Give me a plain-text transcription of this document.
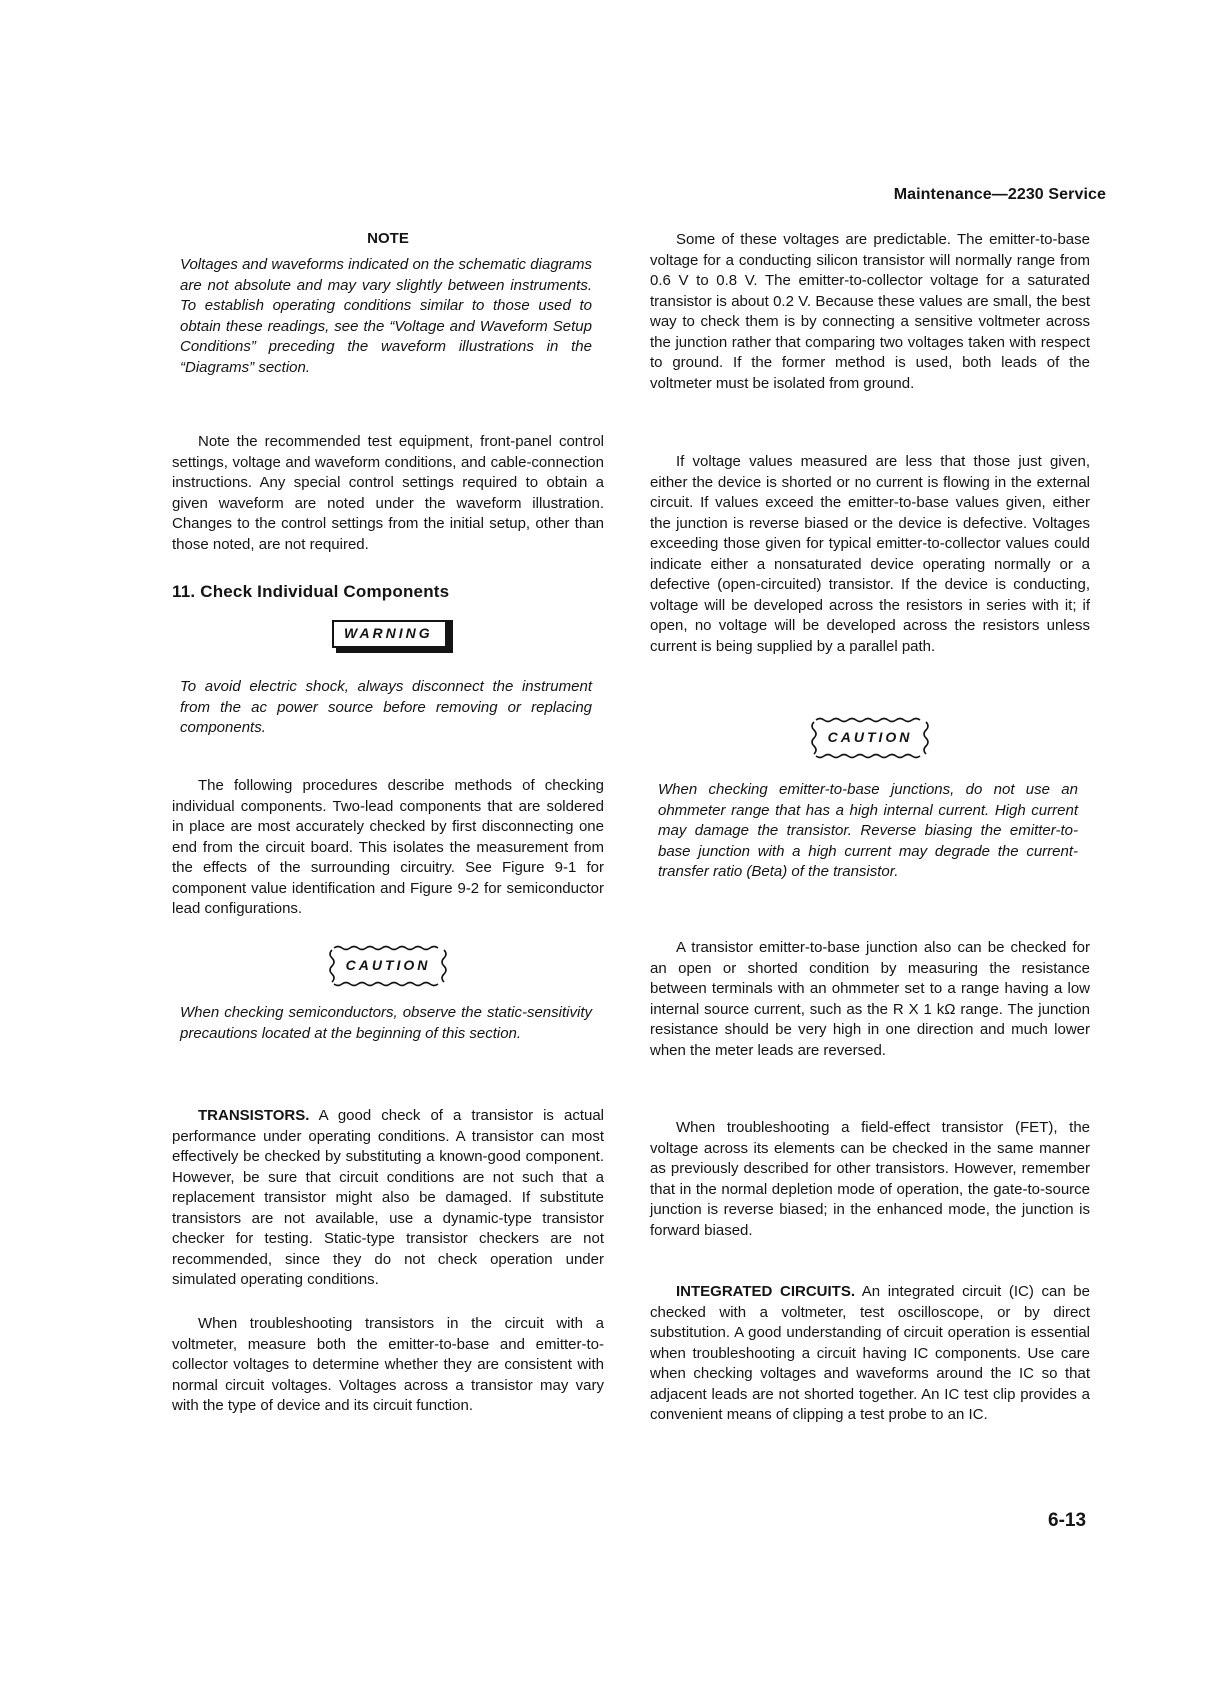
Maintenance—2230 Service
NOTE

Voltages and waveforms indicated on the schematic diagrams are not absolute and may vary slightly between instruments. To establish operating conditions similar to those used to obtain these readings, see the “Voltage and Waveform Setup Conditions” preceding the waveform illustrations in the “Diagrams” section.

Note the recommended test equipment, front-panel control settings, voltage and waveform conditions, and cable-connection instructions. Any special control settings required to obtain a given waveform are noted under the waveform illustration. Changes to the control settings from the initial setup, other than those noted, are not required.

11. Check Individual Components
WARNING

To avoid electric shock, always disconnect the instrument from the ac power source before removing or replacing components.

The following procedures describe methods of checking individual components. Two-lead components that are soldered in place are most accurately checked by first disconnecting one end from the circuit board. This isolates the measurement from the effects of the surrounding circuitry. See Figure 9-1 for component value identification and Figure 9-2 for semiconductor lead configurations.

CAUTION

When checking semiconductors, observe the static-sensitivity precautions located at the beginning of this section.

TRANSISTORS. A good check of a transistor is actual performance under operating conditions. A transistor can most effectively be checked by substituting a known-good component. However, be sure that circuit conditions are not such that a replacement transistor might also be damaged. If substitute transistors are not available, use a dynamic-type transistor checker for testing. Static-type transistor checkers are not recommended, since they do not check operation under simulated operating conditions.

When troubleshooting transistors in the circuit with a voltmeter, measure both the emitter-to-base and emitter-to-collector voltages to determine whether they are consistent with normal circuit voltages. Voltages across a transistor may vary with the type of device and its circuit function.

Some of these voltages are predictable. The emitter-to-base voltage for a conducting silicon transistor will normally range from 0.6 V to 0.8 V. The emitter-to-collector voltage for a saturated transistor is about 0.2 V. Because these values are small, the best way to check them is by connecting a sensitive voltmeter across the junction rather that comparing two voltages taken with respect to ground. If the former method is used, both leads of the voltmeter must be isolated from ground.

If voltage values measured are less that those just given, either the device is shorted or no current is flowing in the external circuit. If values exceed the emitter-to-base values given, either the junction is reverse biased or the device is defective. Voltages exceeding those given for typical emitter-to-collector values could indicate either a nonsaturated device operating normally or a defective (open-circuited) transistor. If the device is conducting, voltage will be developed across the resistors in series with it; if open, no voltage will be developed across the resistors unless current is being supplied by a parallel path.

CAUTION

When checking emitter-to-base junctions, do not use an ohmmeter range that has a high internal current. High current may damage the transistor. Reverse biasing the emitter-to-base junction with a high current may degrade the current-transfer ratio (Beta) of the transistor.

A transistor emitter-to-base junction also can be checked for an open or shorted condition by measuring the resistance between terminals with an ohmmeter set to a range having a low internal source current, such as the R X 1 kΩ range. The junction resistance should be very high in one direction and much lower when the meter leads are reversed.

When troubleshooting a field-effect transistor (FET), the voltage across its elements can be checked in the same manner as previously described for other transistors. However, remember that in the normal depletion mode of operation, the gate-to-source junction is reverse biased; in the enhanced mode, the junction is forward biased.

INTEGRATED CIRCUITS. An integrated circuit (IC) can be checked with a voltmeter, test oscilloscope, or by direct substitution. A good understanding of circuit operation is essential when troubleshooting a circuit having IC components. Use care when checking voltages and waveforms around the IC so that adjacent leads are not shorted together. An IC test clip provides a convenient means of clipping a test probe to an IC.

6-13
